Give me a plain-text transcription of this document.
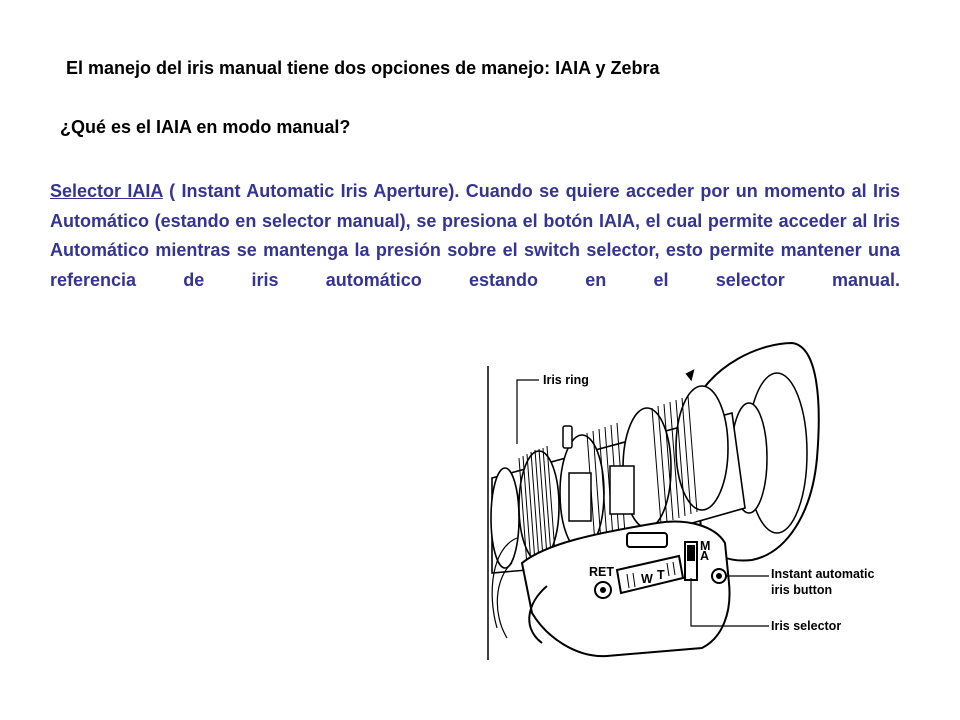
El manejo del iris manual tiene dos opciones de manejo: IAIA y Zebra
¿Qué es el IAIA en modo manual?
Selector IAIA ( Instant Automatic Iris Aperture). Cuando se quiere acceder por un momento al Iris Automático (estando en selector manual), se presiona el botón IAIA, el cual permite acceder al Iris Automático mientras se mantenga la presión sobre el switch selector, esto permite mantener una referencia de iris automático estando en el selector manual.
RET W T
M
A
Iris ring
Instant automatic
iris button
Iris selector
